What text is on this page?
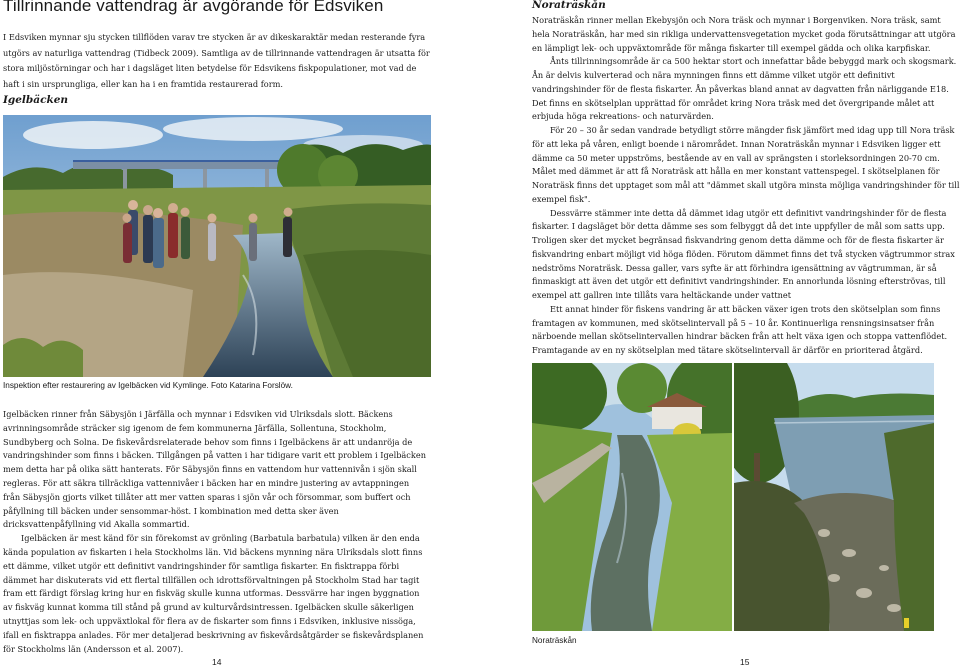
Tillrinnande vattendrag är avgörande för Edsviken

I Edsviken mynnar sju stycken tillflöden varav tre stycken är av dikeskaraktär medan resterande fyra utgörs av naturliga vattendrag (Tidbeck 2009). Samtliga av de tillrinnande vattendragen är utsatta för stora miljöstörningar och har i dagsläget liten betydelse för Edsvikens fiskpopulationer, mot vad de haft i sin ursprungliga, eller kan ha i en framtida restaurerad form.

Igelbäcken

Inspektion efter restaurering av Igelbäcken vid Kymlinge. Foto Katarina Forslöw.

Igelbäcken rinner från Säbysjön i Järfälla och mynnar i Edsviken vid Ulriksdals slott. Bäckens avrinningsområde sträcker sig igenom de fem kommunerna Järfälla, Sollentuna, Stockholm, Sundbyberg och Solna. De fiskevårdsrelaterade behov som finns i Igelbäckens är att undanröja de vandringshinder som finns i bäcken. Tillgången på vatten i har tidigare varit ett problem i Igelbäcken mem detta har på olika sätt hanterats. För Säbysjön finns en vattendom hur vattennivån i sjön skall regleras. För att säkra tillräckliga vattennivåer i bäcken har en mindre justering av avtappningen från Säbysjön gjorts vilket tillåter att mer vatten sparas i sjön vår och försommar, som buffert och påfyllning till bäcken under sensommar-höst. I kombination med detta sker även dricksvattenpåfyllning vid Akalla sommartid.

Igelbäcken är mest känd för sin förekomst av grönling (Barbatula barbatula) vilken är den enda kända population av fiskarten i hela Stockholms län. Vid bäckens mynning nära Ulriksdals slott finns ett dämme, vilket utgör ett definitivt vandringshinder för samtliga fiskarter. En fisktrappa förbi dämmet har diskuterats vid ett flertal tillfällen och idrottsförvaltningen på Stockholm Stad har tagit fram ett färdigt förslag kring hur en fiskväg skulle kunna utformas. Dessvärre har ingen byggnation av fiskväg kunnat komma till stånd på grund av kulturvårdsintressen. Igelbäcken skulle säkerligen utnyttjas som lek- och uppväxtlokal för flera av de fiskarter som finns i Edsviken, inklusive nissöga, ifall en fisktrappa anlades. För mer detaljerad beskrivning av fiskevårdsåtgärder se fiskevårdsplanen för Stockholms län (Andersson et al. 2007).

14
Noraträskån

Noraträskån rinner mellan Ekebysjön och Nora träsk och mynnar i Borgenviken. Nora träsk, samt hela Noraträskån, har med sin rikliga undervattensvegetation mycket goda förutsättningar att utgöra en lämpligt lek- och uppväxtområde för många fiskarter till exempel gädda och olika karpfiskar.

Ånts tillrinningsområde är ca 500 hektar stort och innefattar både bebyggd mark och skogsmark. Ån är delvis kulverterad och nära mynningen finns ett dämme vilket utgör ett definitivt vandringshinder för de flesta fiskarter. Ån påverkas bland annat av dagvatten från närliggande E18. Det finns en skötselplan upprättad för området kring Nora träsk med det övergripande målet att erbjuda höga rekreations- och naturvärden.

För 20 – 30 år sedan vandrade betydligt större mängder fisk jämfört med idag upp till Nora träsk för att leka på våren, enligt boende i närområdet. Innan Noraträskån mynnar i Edsviken ligger ett dämme ca 50 meter uppströms, bestående av en vall av sprängsten i storleksordningen 20-70 cm. Målet med dämmet är att få Noraträsk att hålla en mer konstant vattenspegel. I skötselplanen för Noraträsk finns det upptaget som mål att "dämmet skall utgöra minsta möjliga vandringshinder för till exempel fisk".

Dessvärre stämmer inte detta då dämmet idag utgör ett definitivt vandringshinder för de flesta fiskarter. I dagsläget bör detta dämme ses som felbyggt då det inte uppfyller de mål som satts upp. Troligen sker det mycket begränsad fiskvandring genom detta dämme och för de flesta fiskarter är fiskvandring enbart möjligt vid höga flöden. Förutom dämmet finns det två stycken vägtrummor strax nedströms Noraträsk. Dessa galler, vars syfte är att förhindra igensättning av vägtrumman, är så finmaskigt att även det utgör ett definitivt vandringshinder. En annorlunda lösning efterströvas, till exempel att gallren inte tillåts vara heltäckande under vattnet

Ett annat hinder för fiskens vandring är att bäcken växer igen trots den skötselplan som finns framtagen av kommunen, med skötselintervall på 5 – 10 år. Kontinuerliga rensningsinsatser från närboende mellan skötselintervallen hindrar bäcken från att helt växa igen och stoppa vattenflödet. Framtagande av en ny skötselplan med tätare skötselintervall är därför en prioriterad åtgärd.

Noraträskån

15
